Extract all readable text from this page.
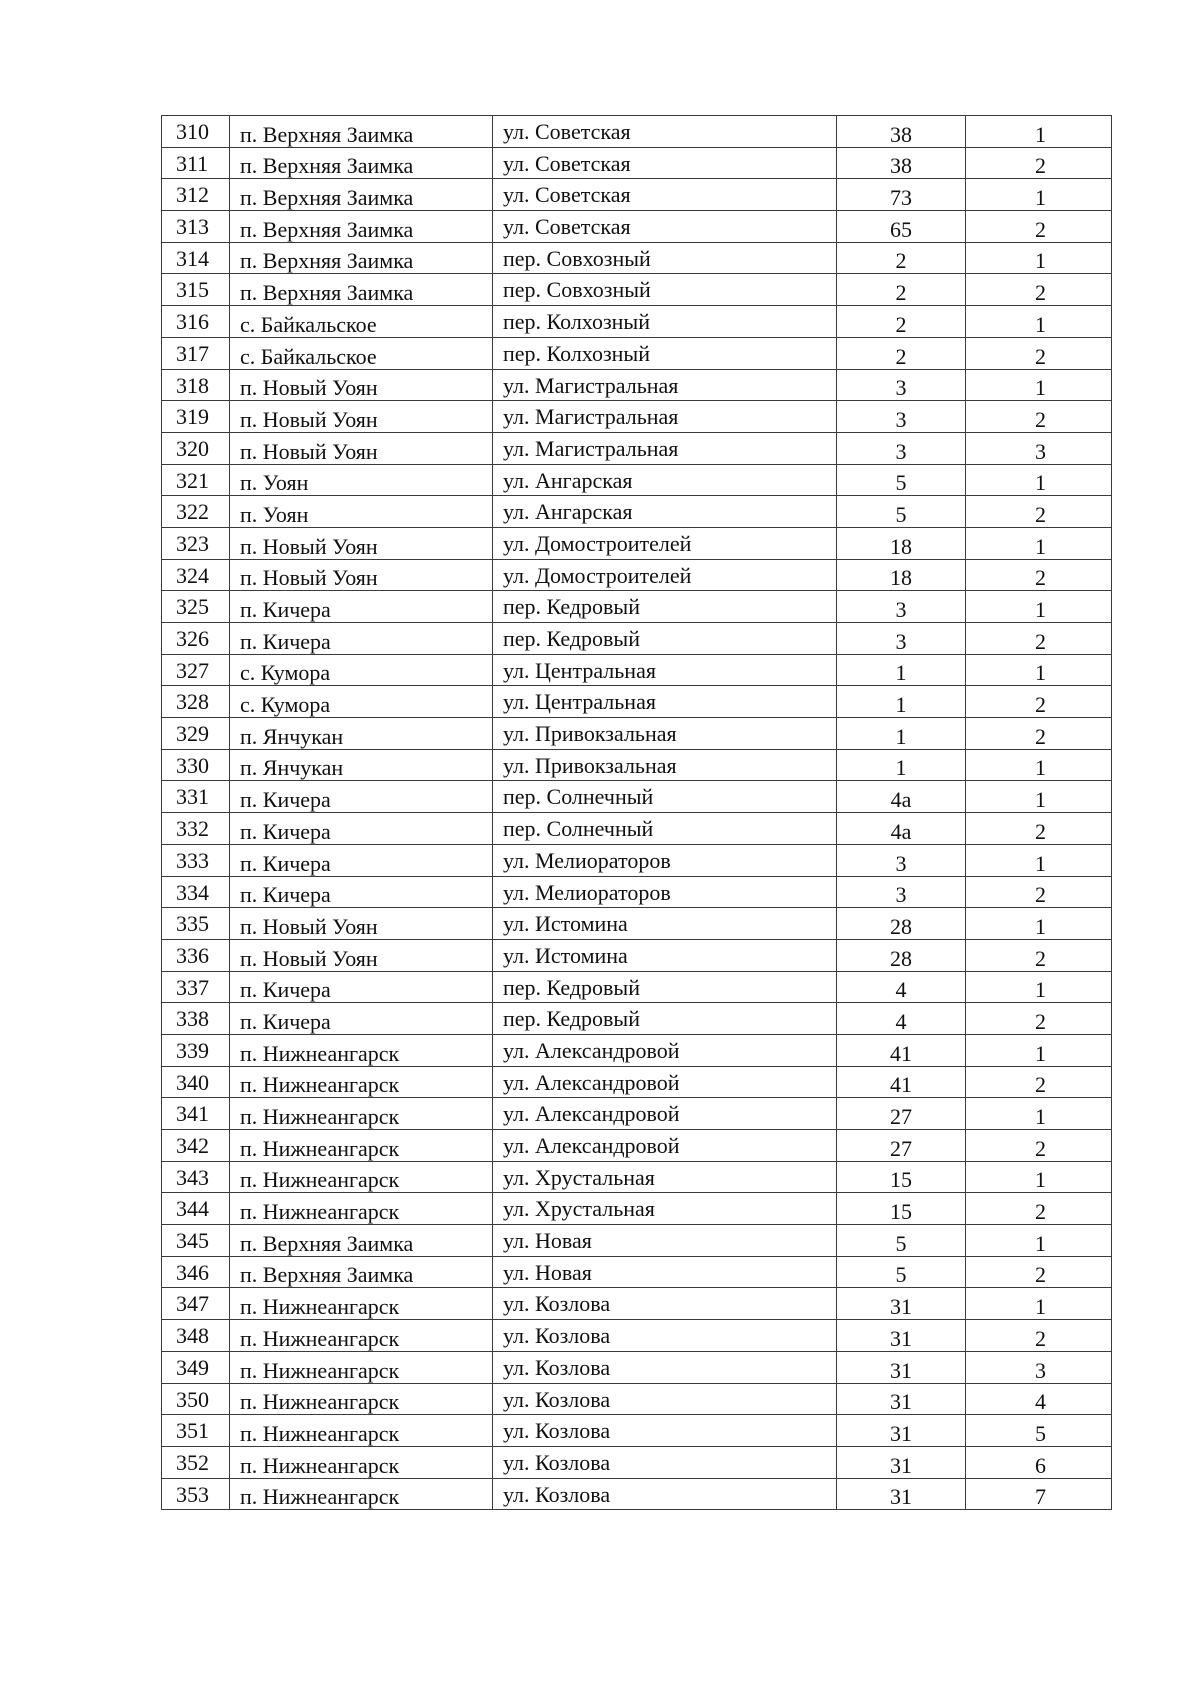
310	п. Верхняя Заимка	ул. Советская	38	1
311	п. Верхняя Заимка	ул. Советская	38	2
312	п. Верхняя Заимка	ул. Советская	73	1
313	п. Верхняя Заимка	ул. Советская	65	2
314	п. Верхняя Заимка	пер. Совхозный	2	1
315	п. Верхняя Заимка	пер. Совхозный	2	2
316	с. Байкальское	пер. Колхозный	2	1
317	с. Байкальское	пер. Колхозный	2	2
318	п. Новый Уоян	ул. Магистральная	3	1
319	п. Новый Уоян	ул. Магистральная	3	2
320	п. Новый Уоян	ул. Магистральная	3	3
321	п. Уоян	ул. Ангарская	5	1
322	п. Уоян	ул. Ангарская	5	2
323	п. Новый Уоян	ул. Домостроителей	18	1
324	п. Новый Уоян	ул. Домостроителей	18	2
325	п. Кичера	пер. Кедровый	3	1
326	п. Кичера	пер. Кедровый	3	2
327	с. Кумора	ул. Центральная	1	1
328	с. Кумора	ул. Центральная	1	2
329	п. Янчукан	ул. Привокзальная	1	2
330	п. Янчукан	ул. Привокзальная	1	1
331	п. Кичера	пер. Солнечный	4а	1
332	п. Кичера	пер. Солнечный	4а	2
333	п. Кичера	ул. Мелиораторов	3	1
334	п. Кичера	ул. Мелиораторов	3	2
335	п. Новый Уоян	ул. Истомина	28	1
336	п. Новый Уоян	ул. Истомина	28	2
337	п. Кичера	пер. Кедровый	4	1
338	п. Кичера	пер. Кедровый	4	2
339	п. Нижнеангарск	ул. Александровой	41	1
340	п. Нижнеангарск	ул. Александровой	41	2
341	п. Нижнеангарск	ул. Александровой	27	1
342	п. Нижнеангарск	ул. Александровой	27	2
343	п. Нижнеангарск	ул. Хрустальная	15	1
344	п. Нижнеангарск	ул. Хрустальная	15	2
345	п. Верхняя Заимка	ул. Новая	5	1
346	п. Верхняя Заимка	ул. Новая	5	2
347	п. Нижнеангарск	ул. Козлова	31	1
348	п. Нижнеангарск	ул. Козлова	31	2
349	п. Нижнеангарск	ул. Козлова	31	3
350	п. Нижнеангарск	ул. Козлова	31	4
351	п. Нижнеангарск	ул. Козлова	31	5
352	п. Нижнеангарск	ул. Козлова	31	6
353	п. Нижнеангарск	ул. Козлова	31	7
